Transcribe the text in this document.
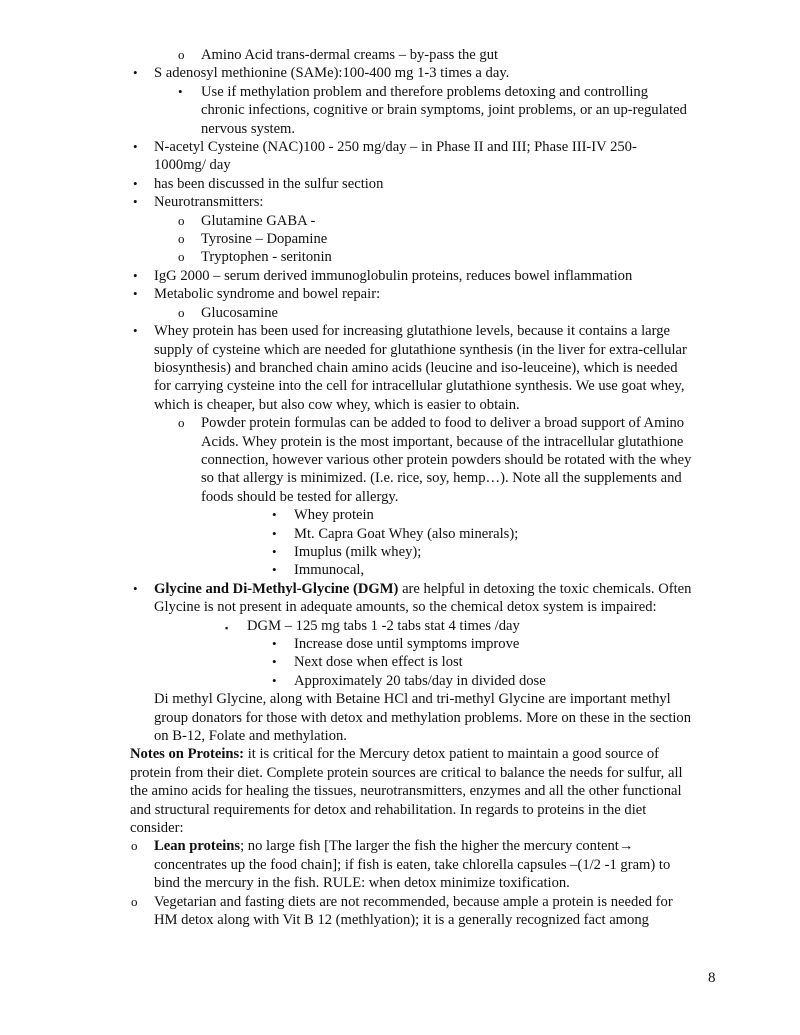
o Amino Acid trans-dermal creams – by-pass the gut
• S adenosyl methionine (SAMe):100-400 mg 1-3 times a day.
• Use if methylation problem and therefore problems detoxing and controlling chronic infections, cognitive or brain symptoms, joint problems, or an up-regulated nervous system.
• N-acetyl Cysteine (NAC)100 - 250 mg/day – in Phase II and III; Phase III-IV 250-1000mg/ day
• has been discussed in the sulfur section
• Neurotransmitters:
o Glutamine GABA -
o Tyrosine – Dopamine
o Tryptophen - seritonin
• IgG 2000 – serum derived immunoglobulin proteins, reduces bowel inflammation
• Metabolic syndrome and bowel repair:
o Glucosamine
• Whey protein has been used for increasing glutathione levels, because it contains a large supply of cysteine which are needed for glutathione synthesis (in the liver for extra-cellular biosynthesis) and branched chain amino acids (leucine and iso-leuceine), which is needed for carrying cysteine into the cell for intracellular glutathione synthesis. We use goat whey, which is cheaper, but also cow whey, which is easier to obtain.
o Powder protein formulas can be added to food to deliver a broad support of Amino Acids. Whey protein is the most important, because of the intracellular glutathione connection, however various other protein powders should be rotated with the whey so that allergy is minimized. (I.e. rice, soy, hemp…). Note all the supplements and foods should be tested for allergy.
• Whey protein
• Mt. Capra Goat Whey (also minerals);
• Imuplus (milk whey);
• Immunocal,
• Glycine and Di-Methyl-Glycine (DGM) are helpful in detoxing the toxic chemicals. Often Glycine is not present in adequate amounts, so the chemical detox system is impaired:
▪ DGM – 125 mg tabs 1 -2 tabs stat 4 times /day
• Increase dose until symptoms improve
• Next dose when effect is lost
• Approximately 20 tabs/day in divided dose
Di methyl Glycine, along with Betaine HCl and tri-methyl Glycine are important methyl group donators for those with detox and methylation problems. More on these in the section on B-12, Folate and methylation.
Notes on Proteins: it is critical for the Mercury detox patient to maintain a good source of protein from their diet. Complete protein sources are critical to balance the needs for sulfur, all the amino acids for healing the tissues, neurotransmitters, enzymes and all the other functional and structural requirements for detox and rehabilitation. In regards to proteins in the diet consider:
o Lean proteins; no large fish [The larger the fish the higher the mercury content→ concentrates up the food chain]; if fish is eaten, take chlorella capsules –(1/2 -1 gram) to bind the mercury in the fish. RULE: when detox minimize toxification.
o Vegetarian and fasting diets are not recommended, because ample a protein is needed for HM detox along with Vit B 12 (methlyation); it is a generally recognized fact among
8
